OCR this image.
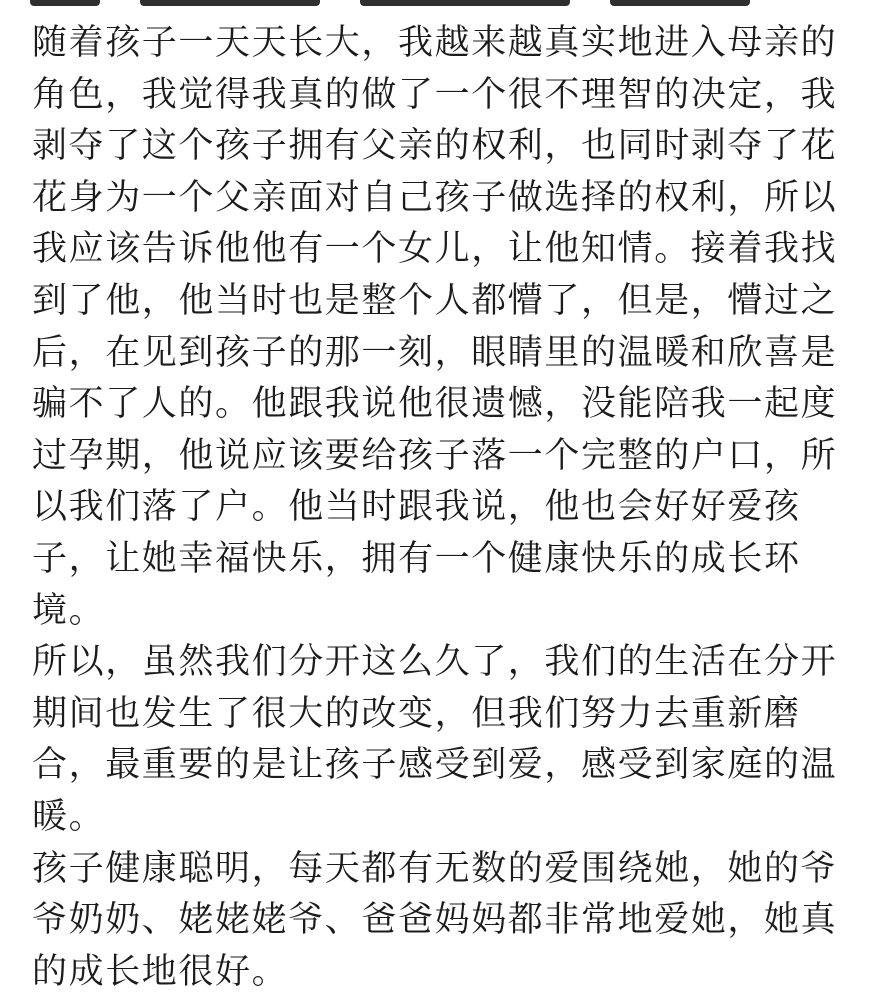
随着孩子一天天长大，我越来越真实地进入母亲的
角色，我觉得我真的做了一个很不理智的决定，我
剥夺了这个孩子拥有父亲的权利，也同时剥夺了花
花身为一个父亲面对自己孩子做选择的权利，所以
我应该告诉他他有一个女儿，让他知情。接着我找
到了他，他当时也是整个人都懵了，但是，懵过之
后，在见到孩子的那一刻，眼睛里的温暖和欣喜是
骗不了人的。他跟我说他很遗憾，没能陪我一起度
过孕期，他说应该要给孩子落一个完整的户口，所
以我们落了户。他当时跟我说，他也会好好爱孩
子，让她幸福快乐，拥有一个健康快乐的成长环
境。
所以，虽然我们分开这么久了，我们的生活在分开
期间也发生了很大的改变，但我们努力去重新磨
合，最重要的是让孩子感受到爱，感受到家庭的温
暖。
孩子健康聪明，每天都有无数的爱围绕她，她的爷
爷奶奶、姥姥姥爷、爸爸妈妈都非常地爱她，她真
的成长地很好。
